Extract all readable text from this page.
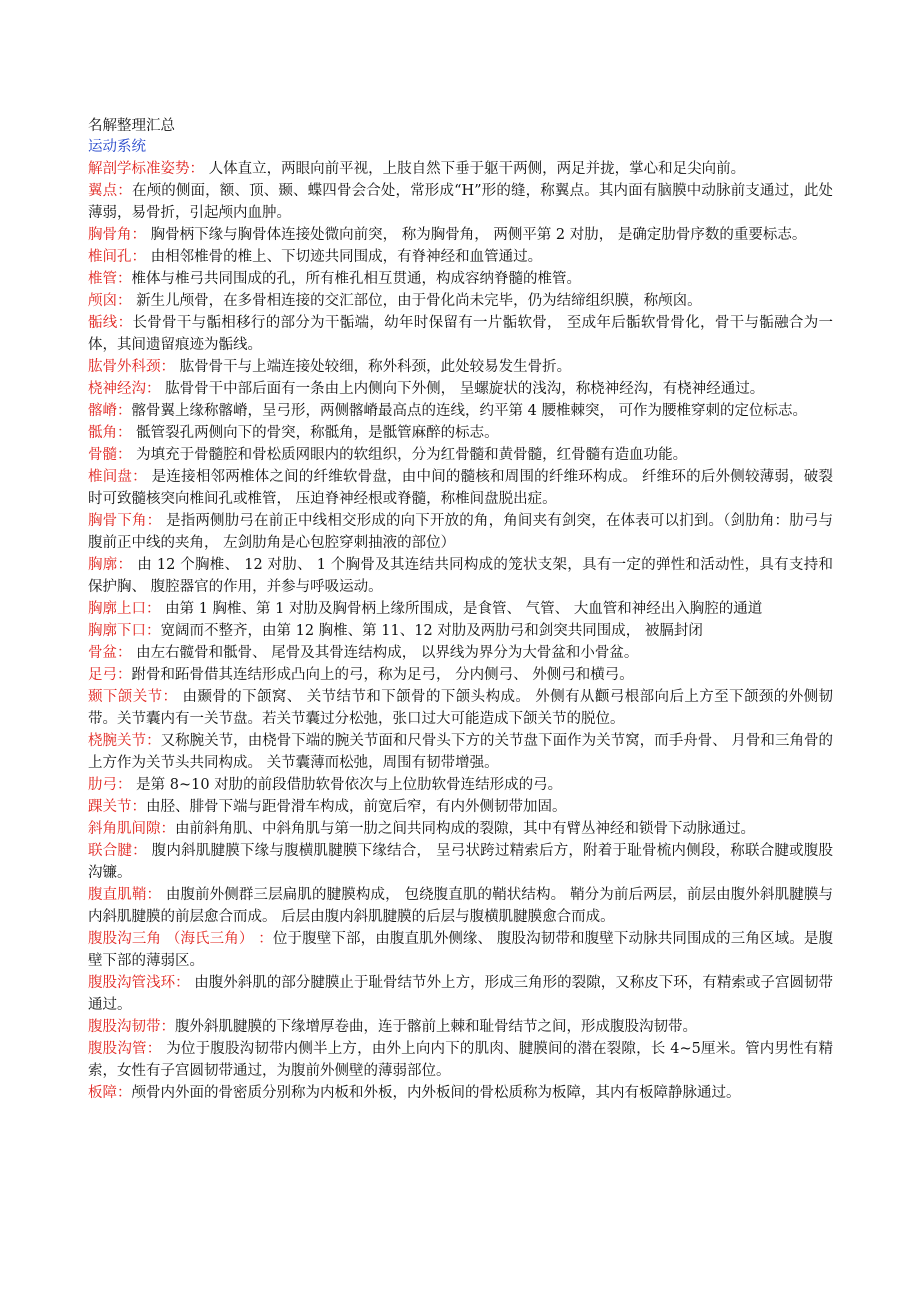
名解整理汇总

运动系统

解剖学标准姿势： 人体直立，两眼向前平视，上肢自然下垂于躯干两侧，两足并拢，掌心和足尖向前。

翼点：在颅的侧面，额、顶、颞、蝶四骨会合处，常形成“H”形的缝，称翼点。其内面有脑膜中动脉前支通过，此处薄弱，易骨折，引起颅内血肿。

胸骨角： 胸骨柄下缘与胸骨体连接处微向前突， 称为胸骨角， 两侧平第 2 对肋， 是确定肋骨序数的重要标志。

椎间孔： 由相邻椎骨的椎上、下切迹共同围成，有脊神经和血管通过。

椎管：椎体与椎弓共同围成的孔，所有椎孔相互贯通，构成容纳脊髓的椎管。

颅囟： 新生儿颅骨，在多骨相连接的交汇部位，由于骨化尚未完毕，仍为结缔组织膜，称颅囟。

骺线：长骨骨干与骺相移行的部分为干骺端，幼年时保留有一片骺软骨， 至成年后骺软骨骨化，骨干与骺融合为一体，其间遗留痕迹为骺线。

肱骨外科颈： 肱骨骨干与上端连接处较细，称外科颈，此处较易发生骨折。

桡神经沟： 肱骨骨干中部后面有一条由上内侧向下外侧， 呈螺旋状的浅沟，称桡神经沟，有桡神经通过。

髂嵴：髂骨翼上缘称髂嵴，呈弓形，两侧髂嵴最高点的连线，约平第 4 腰椎棘突， 可作为腰椎穿刺的定位标志。

骶角： 骶管裂孔两侧向下的骨突，称骶角，是骶管麻醉的标志。

骨髓： 为填充于骨髓腔和骨松质网眼内的软组织，分为红骨髓和黄骨髓，红骨髓有造血功能。

椎间盘： 是连接相邻两椎体之间的纤维软骨盘，由中间的髓核和周围的纤维环构成。 纤维环的后外侧较薄弱，破裂时可致髓核突向椎间孔或椎管， 压迫脊神经根或脊髓，称椎间盘脱出症。

胸骨下角： 是指两侧肋弓在前正中线相交形成的向下开放的角，角间夹有剑突，在体表可以扪到。（剑肋角：肋弓与腹前正中线的夹角， 左剑肋角是心包腔穿刺抽液的部位）

胸廓： 由 12 个胸椎、 12 对肋、 1 个胸骨及其连结共同构成的笼状支架，具有一定的弹性和活动性，具有支持和保护胸、 腹腔器官的作用，并参与呼吸运动。

胸廓上口： 由第 1 胸椎、第 1 对肋及胸骨柄上缘所围成，是食管、 气管、 大血管和神经出入胸腔的通道

胸廓下口：宽阔而不整齐，由第 12 胸椎、第 11、12 对肋及两肋弓和剑突共同围成， 被膈封闭

骨盆： 由左右髋骨和骶骨、 尾骨及其骨连结构成， 以界线为界分为大骨盆和小骨盆。

足弓：跗骨和跖骨借其连结形成凸向上的弓，称为足弓， 分内侧弓、 外侧弓和横弓。

颞下颌关节： 由颞骨的下颌窝、 关节结节和下颌骨的下颌头构成。 外侧有从颧弓根部向后上方至下颌颈的外侧韧带。关节囊内有一关节盘。若关节囊过分松弛，张口过大可能造成下颌关节的脱位。

桡腕关节：又称腕关节，由桡骨下端的腕关节面和尺骨头下方的关节盘下面作为关节窝，而手舟骨、 月骨和三角骨的上方作为关节头共同构成。 关节囊薄而松弛，周围有韧带增强。

肋弓： 是第 8~10 对肋的前段借肋软骨依次与上位肋软骨连结形成的弓。

踝关节：由胫、腓骨下端与距骨滑车构成，前宽后窄，有内外侧韧带加固。

斜角肌间隙：由前斜角肌、中斜角肌与第一肋之间共同构成的裂隙，其中有臂丛神经和锁骨下动脉通过。

联合腱： 腹内斜肌腱膜下缘与腹横肌腱膜下缘结合， 呈弓状跨过精索后方，附着于耻骨梳内侧段，称联合腱或腹股沟镰。

腹直肌鞘： 由腹前外侧群三层扁肌的腱膜构成， 包绕腹直肌的鞘状结构。 鞘分为前后两层，前层由腹外斜肌腱膜与内斜肌腱膜的前层愈合而成。 后层由腹内斜肌腱膜的后层与腹横肌腱膜愈合而成。

腹股沟三角 （海氏三角） ：位于腹壁下部，由腹直肌外侧缘、 腹股沟韧带和腹壁下动脉共同围成的三角区域。是腹壁下部的薄弱区。

腹股沟管浅环： 由腹外斜肌的部分腱膜止于耻骨结节外上方，形成三角形的裂隙，又称皮下环，有精索或子宫圆韧带通过。

腹股沟韧带：腹外斜肌腱膜的下缘增厚卷曲，连于髂前上棘和耻骨结节之间，形成腹股沟韧带。

腹股沟管： 为位于腹股沟韧带内侧半上方，由外上向内下的肌肉、腱膜间的潜在裂隙，长 4~5厘米。管内男性有精索，女性有子宫圆韧带通过，为腹前外侧壁的薄弱部位。

板障：颅骨内外面的骨密质分别称为内板和外板，内外板间的骨松质称为板障，其内有板障静脉通过。
